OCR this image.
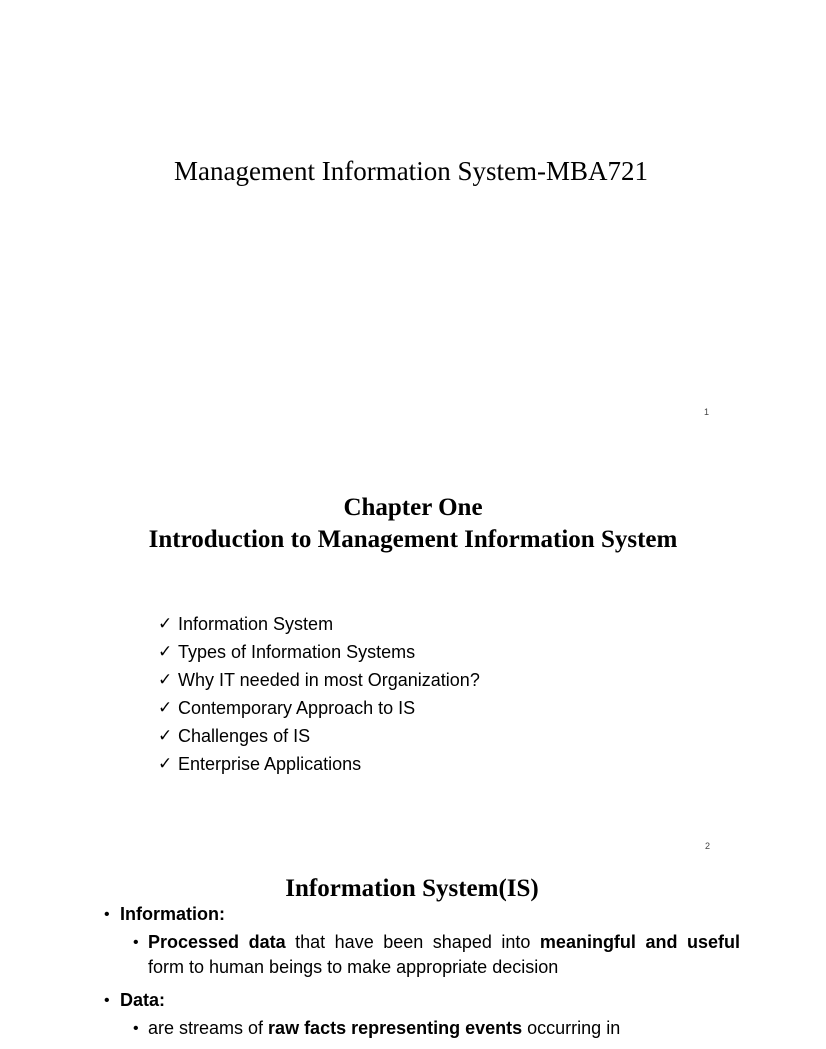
Management Information System-MBA721
1
Chapter One
Introduction to Management Information System
✓ Information System
✓ Types of Information Systems
✓ Why IT needed in most Organization?
✓ Contemporary Approach to IS
✓ Challenges of IS
✓ Enterprise Applications
2
Information System(IS)
• Information:
• Processed data that have been shaped into meaningful and useful form to human beings to make appropriate decision
• Data:
• are streams of raw facts representing events occurring in
